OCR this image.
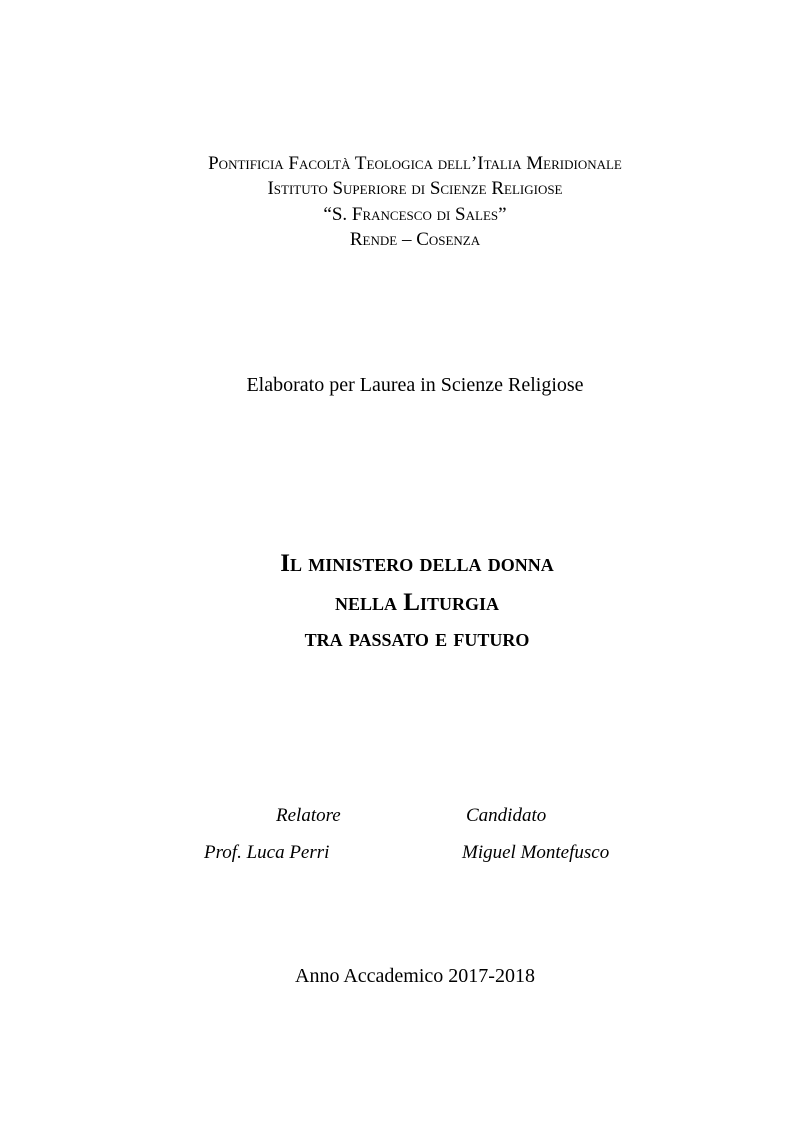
Pontificia Facoltà Teologica dell’Italia Meridionale
Istituto Superiore di Scienze Religiose
“S. Francesco di Sales”
Rende – Cosenza
Elaborato per Laurea in Scienze Religiose
Il ministero della donna
nella Liturgia
tra passato e futuro
Relatore
Prof. Luca Perri
Candidato
Miguel Montefusco
Anno Accademico 2017-2018
